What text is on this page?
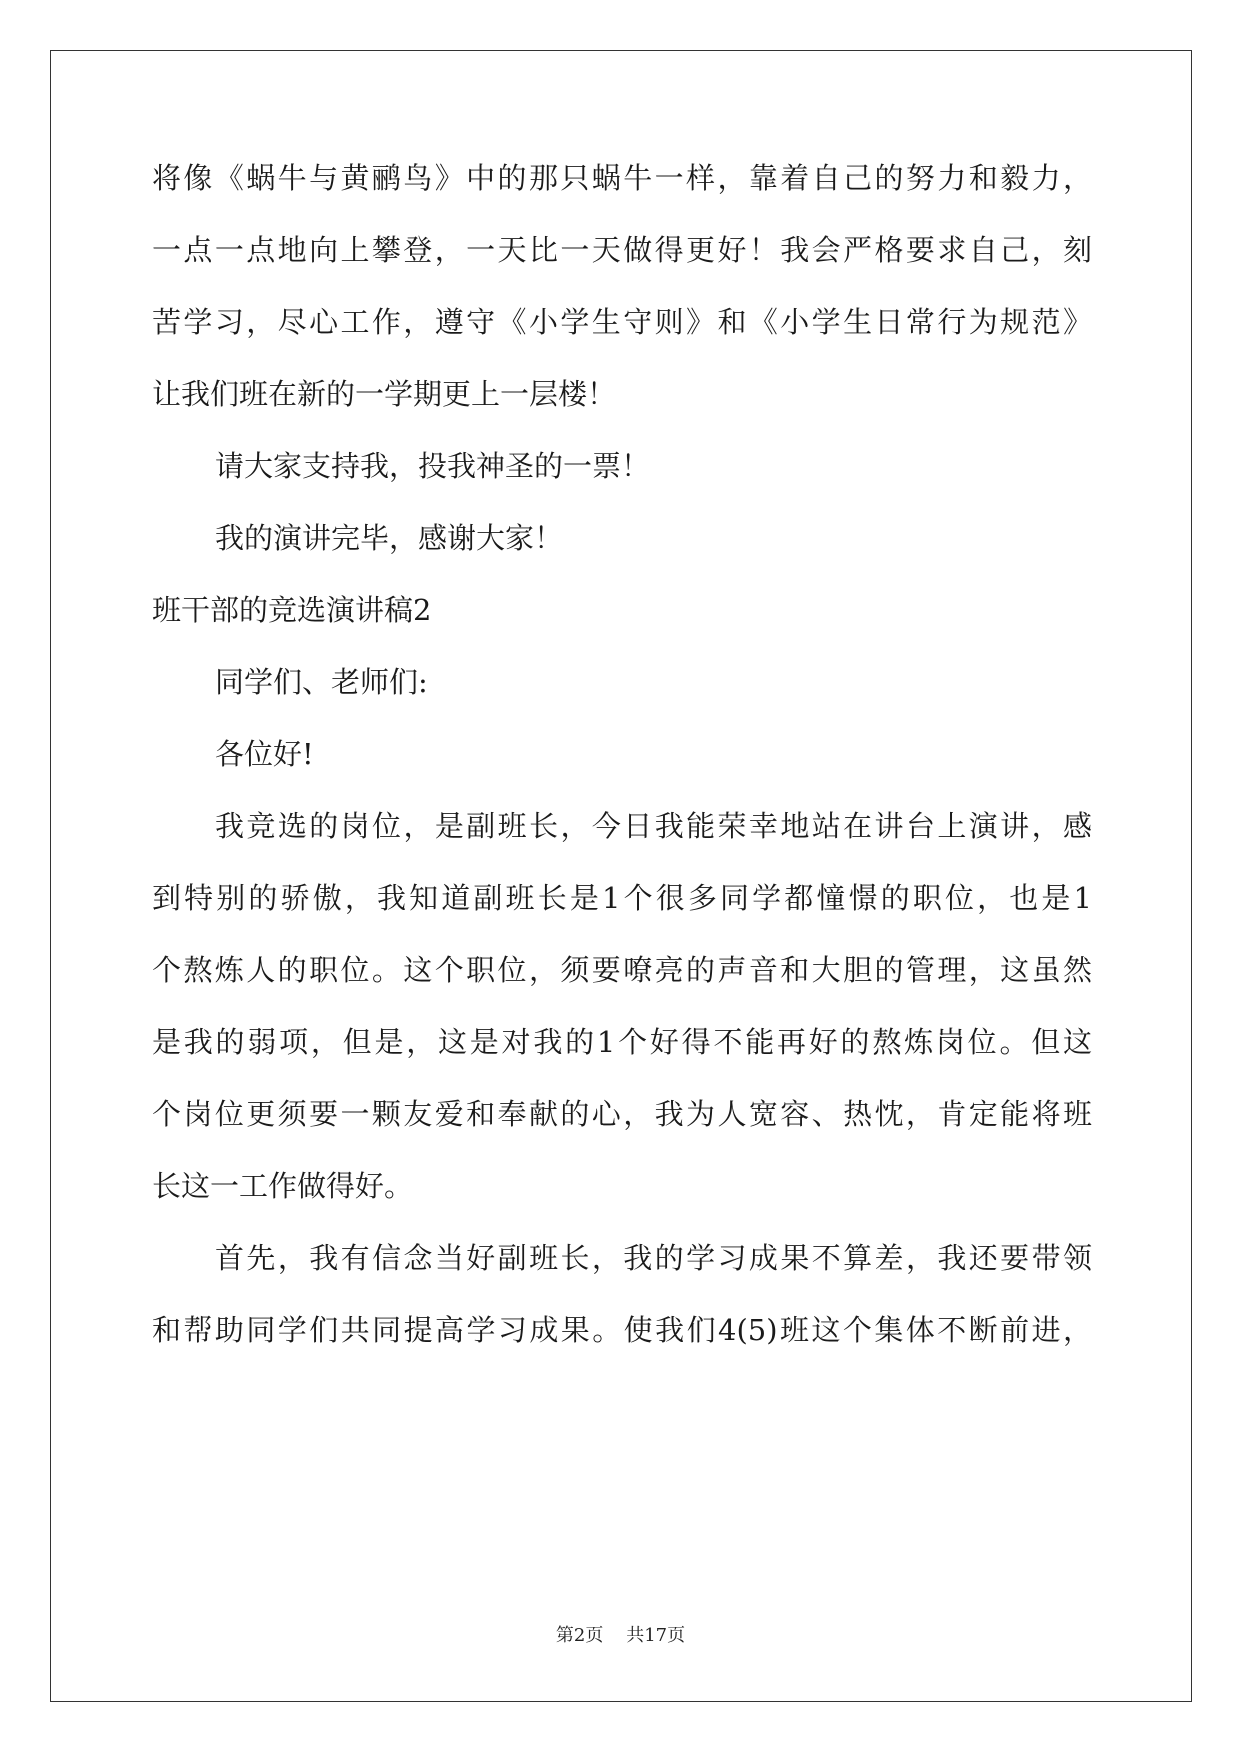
将像《蜗牛与黄鹂鸟》中的那只蜗牛一样，靠着自己的努力和毅力，
一点一点地向上攀登，一天比一天做得更好！我会严格要求自己，刻
苦学习，尽心工作，遵守《小学生守则》和《小学生日常行为规范》
让我们班在新的一学期更上一层楼！
请大家支持我，投我神圣的一票！
我的演讲完毕，感谢大家！
班干部的竞选演讲稿2
同学们、老师们:
各位好!
我竞选的岗位，是副班长，今日我能荣幸地站在讲台上演讲，感
到特别的骄傲，我知道副班长是1个很多同学都憧憬的职位，也是1
个熬炼人的职位。这个职位，须要嘹亮的声音和大胆的管理，这虽然
是我的弱项，但是，这是对我的1个好得不能再好的熬炼岗位。但这
个岗位更须要一颗友爱和奉献的心，我为人宽容、热忱，肯定能将班
长这一工作做得好。
首先，我有信念当好副班长，我的学习成果不算差，我还要带领
和帮助同学们共同提高学习成果。使我们4(5)班这个集体不断前进，
第2页 共17页
